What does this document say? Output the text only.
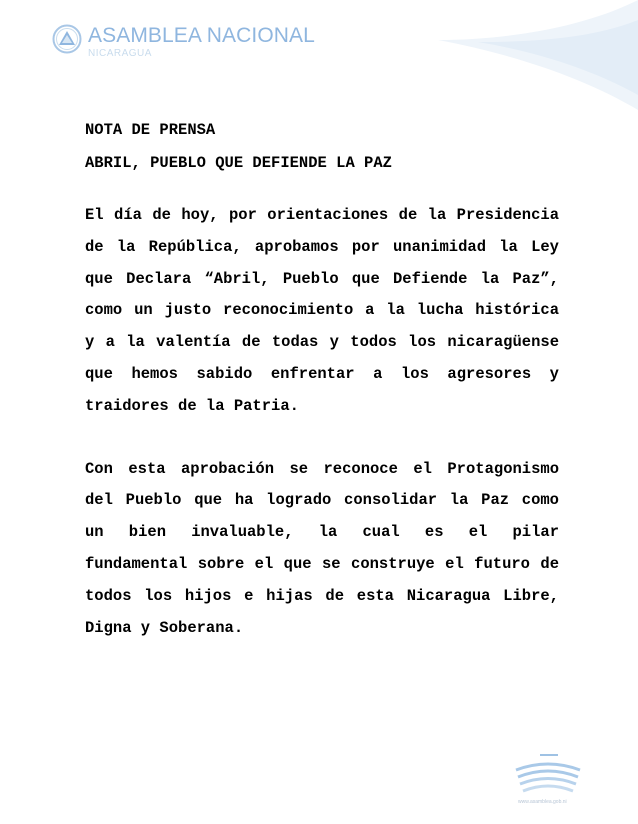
ASAMBLEA NACIONAL
NICARAGUA

NOTA DE PRENSA

ABRIL, PUEBLO QUE DEFIENDE LA PAZ

El día de hoy, por orientaciones de la Presidencia de la República, aprobamos por unanimidad la Ley que Declara “Abril, Pueblo que Defiende la Paz”, como un justo reconocimiento a la lucha histórica y a la valentía de todas y todos los nicaragüense que hemos sabido enfrentar a los agresores y traidores de la Patria.

Con esta aprobación se reconoce el Protagonismo del Pueblo que ha logrado consolidar la Paz como un bien invaluable, la cual es el pilar fundamental sobre el que se construye el futuro de todos los hijos e hijas de esta Nicaragua Libre, Digna y Soberana.

www.asamblea.gob.ni
